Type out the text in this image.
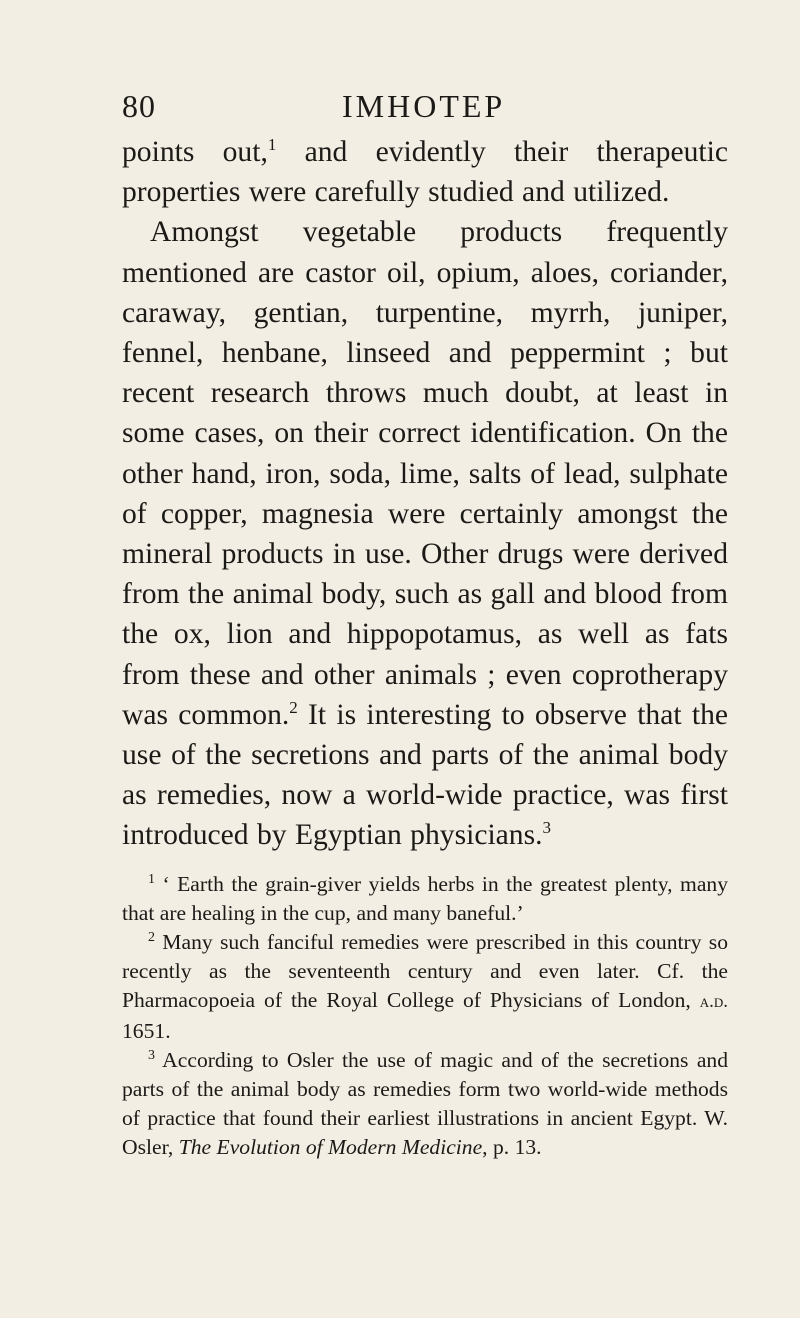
80	IMHOTEP

points out,$^1$ and evidently their therapeutic properties were carefully studied and utilized.

Amongst vegetable products frequently mentioned are castor oil, opium, aloes, coriander, caraway, gentian, turpentine, myrrh, juniper, fennel, henbane, linseed and peppermint ; but recent research throws much doubt, at least in some cases, on their correct identification. On the other hand, iron, soda, lime, salts of lead, sulphate of copper, magnesia were certainly amongst the mineral products in use. Other drugs were derived from the animal body, such as gall and blood from the ox, lion and hippopotamus, as well as fats from these and other animals ; even coprotherapy was common.$^2$ It is interesting to observe that the use of the secretions and parts of the animal body as remedies, now a world-wide practice, was first introduced by Egyptian physicians.$^3$

$^1$ ‘ Earth the grain-giver yields herbs in the greatest plenty, many that are healing in the cup, and many baneful.’

$^2$ Many such fanciful remedies were prescribed in this country so recently as the seventeenth century and even later. Cf. the Pharmacopoeia of the Royal College of Physicians of London, a.d. 1651.

$^3$ According to Osler the use of magic and of the secretions and parts of the animal body as remedies form two world-wide methods of practice that found their earliest illustrations in ancient Egypt. W. Osler, The Evolution of Modern Medicine, p. 13.
